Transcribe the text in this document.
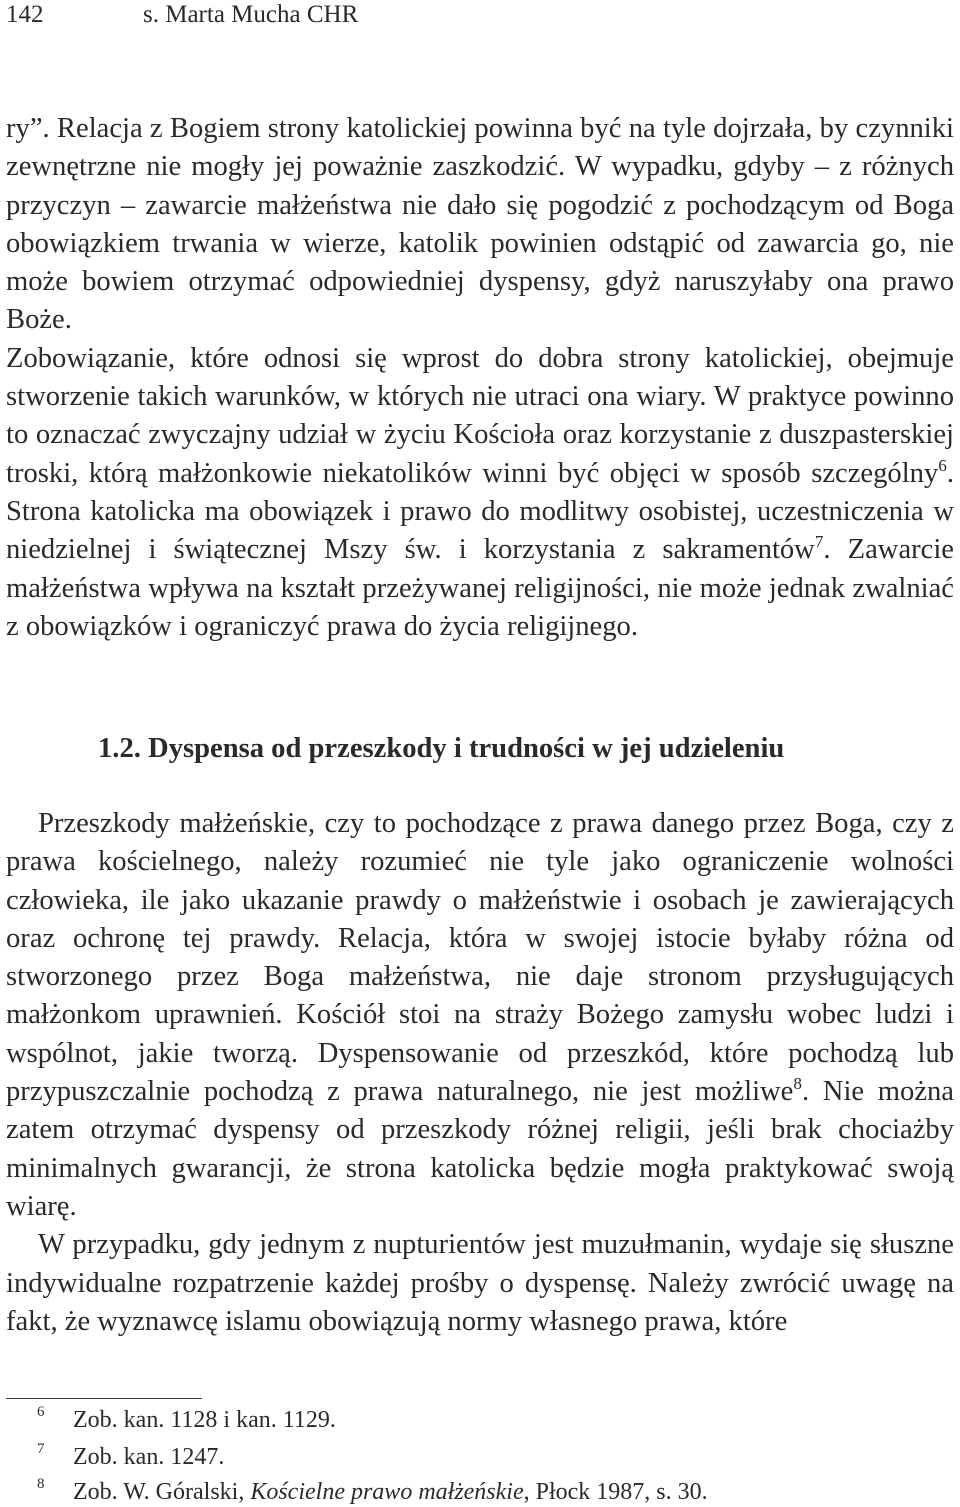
142	s. Marta Mucha CHR

ry”. Relacja z Bogiem strony katolickiej powinna być na tyle dojrzała, by czynniki zewnętrzne nie mogły jej poważnie zaszkodzić. W wypadku, gdyby – z różnych przyczyn – zawarcie małżeństwa nie dało się pogodzić z pochodzącym od Boga obowiązkiem trwania w wierze, katolik powinien odstąpić od zawarcia go, nie może bowiem otrzymać odpowiedniej dyspensy, gdyż naruszyłaby ona prawo Boże.

Zobowiązanie, które odnosi się wprost do dobra strony katolickiej, obejmuje stworzenie takich warunków, w których nie utraci ona wiary. W praktyce powinno to oznaczać zwyczajny udział w życiu Kościoła oraz korzystanie z duszpasterskiej troski, którą małżonkowie niekatolików winni być objęci w sposób szczególny$^6$. Strona katolicka ma obowiązek i prawo do modlitwy osobistej, uczestniczenia w niedzielnej i świątecznej Mszy św. i korzystania z sakramentów$^7$. Zawarcie małżeństwa wpływa na kształt przeżywanej religijności, nie może jednak zwalniać z obowiązków i ograniczyć prawa do życia religijnego.

1.2. Dyspensa od przeszkody i trudności w jej udzieleniu

Przeszkody małżeńskie, czy to pochodzące z prawa danego przez Boga, czy z prawa kościelnego, należy rozumieć nie tyle jako ograniczenie wolności człowieka, ile jako ukazanie prawdy o małżeństwie i osobach je zawierających oraz ochronę tej prawdy. Relacja, która w swojej istocie byłaby różna od stworzonego przez Boga małżeństwa, nie daje stronom przysługujących małżonkom uprawnień. Kościół stoi na straży Bożego zamysłu wobec ludzi i wspólnot, jakie tworzą. Dyspensowanie od przeszkód, które pochodzą lub przypuszczalnie pochodzą z prawa naturalnego, nie jest możliwe$^8$. Nie można zatem otrzymać dyspensy od przeszkody różnej religii, jeśli brak chociażby minimalnych gwarancji, że strona katolicka będzie mogła praktykować swoją wiarę.

W przypadku, gdy jednym z nupturientów jest muzułmanin, wydaje się słuszne indywidualne rozpatrzenie każdej prośby o dyspensę. Należy zwrócić uwagę na fakt, że wyznawcę islamu obowiązują normy własnego prawa, które

6 Zob. kan. 1128 i kan. 1129.
7 Zob. kan. 1247.
8 Zob. W. Góralski, Kościelne prawo małżeńskie, Płock 1987, s. 30.
